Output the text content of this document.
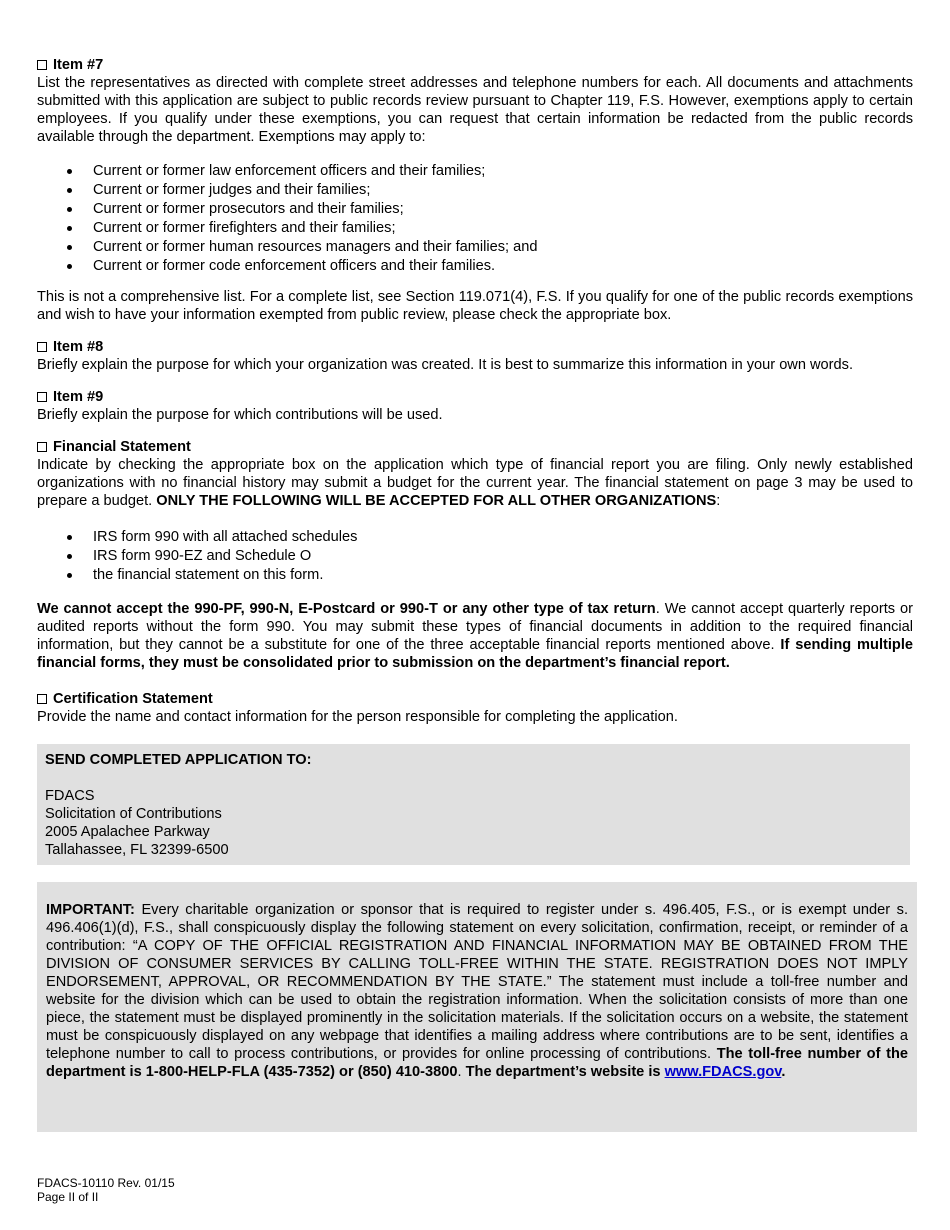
Item #7
List the representatives as directed with complete street addresses and telephone numbers for each. All documents and attachments submitted with this application are subject to public records review pursuant to Chapter 119, F.S. However, exemptions apply to certain employees. If you qualify under these exemptions, you can request that certain information be redacted from the public records available through the department. Exemptions may apply to:
Current or former law enforcement officers and their families;
Current or former judges and their families;
Current or former prosecutors and their families;
Current or former firefighters and their families;
Current or former human resources managers and their families; and
Current or former code enforcement officers and their families.
This is not a comprehensive list. For a complete list, see Section 119.071(4), F.S. If you qualify for one of the public records exemptions and wish to have your information exempted from public review, please check the appropriate box.
Item #8
Briefly explain the purpose for which your organization was created. It is best to summarize this information in your own words.
Item #9
Briefly explain the purpose for which contributions will be used.
Financial Statement
Indicate by checking the appropriate box on the application which type of financial report you are filing. Only newly established organizations with no financial history may submit a budget for the current year. The financial statement on page 3 may be used to prepare a budget. ONLY THE FOLLOWING WILL BE ACCEPTED FOR ALL OTHER ORGANIZATIONS:
IRS form 990 with all attached schedules
IRS form 990-EZ and Schedule O
the financial statement on this form.
We cannot accept the 990-PF, 990-N, E-Postcard or 990-T or any other type of tax return. We cannot accept quarterly reports or audited reports without the form 990. You may submit these types of financial documents in addition to the required financial information, but they cannot be a substitute for one of the three acceptable financial reports mentioned above. If sending multiple financial forms, they must be consolidated prior to submission on the department’s financial report.
Certification Statement
Provide the name and contact information for the person responsible for completing the application.
SEND COMPLETED APPLICATION TO:
FDACS
Solicitation of Contributions
2005 Apalachee Parkway
Tallahassee, FL 32399-6500
IMPORTANT: Every charitable organization or sponsor that is required to register under s. 496.405, F.S., or is exempt under s. 496.406(1)(d), F.S., shall conspicuously display the following statement on every solicitation, confirmation, receipt, or reminder of a contribution: “A COPY OF THE OFFICIAL REGISTRATION AND FINANCIAL INFORMATION MAY BE OBTAINED FROM THE DIVISION OF CONSUMER SERVICES BY CALLING TOLL-FREE WITHIN THE STATE. REGISTRATION DOES NOT IMPLY ENDORSEMENT, APPROVAL, OR RECOMMENDATION BY THE STATE.” The statement must include a toll-free number and website for the division which can be used to obtain the registration information. When the solicitation consists of more than one piece, the statement must be displayed prominently in the solicitation materials. If the solicitation occurs on a website, the statement must be conspicuously displayed on any webpage that identifies a mailing address where contributions are to be sent, identifies a telephone number to call to process contributions, or provides for online processing of contributions. The toll-free number of the department is 1-800-HELP-FLA (435-7352) or (850) 410-3800. The department’s website is www.FDACS.gov.
FDACS-10110 Rev. 01/15
Page II of II
